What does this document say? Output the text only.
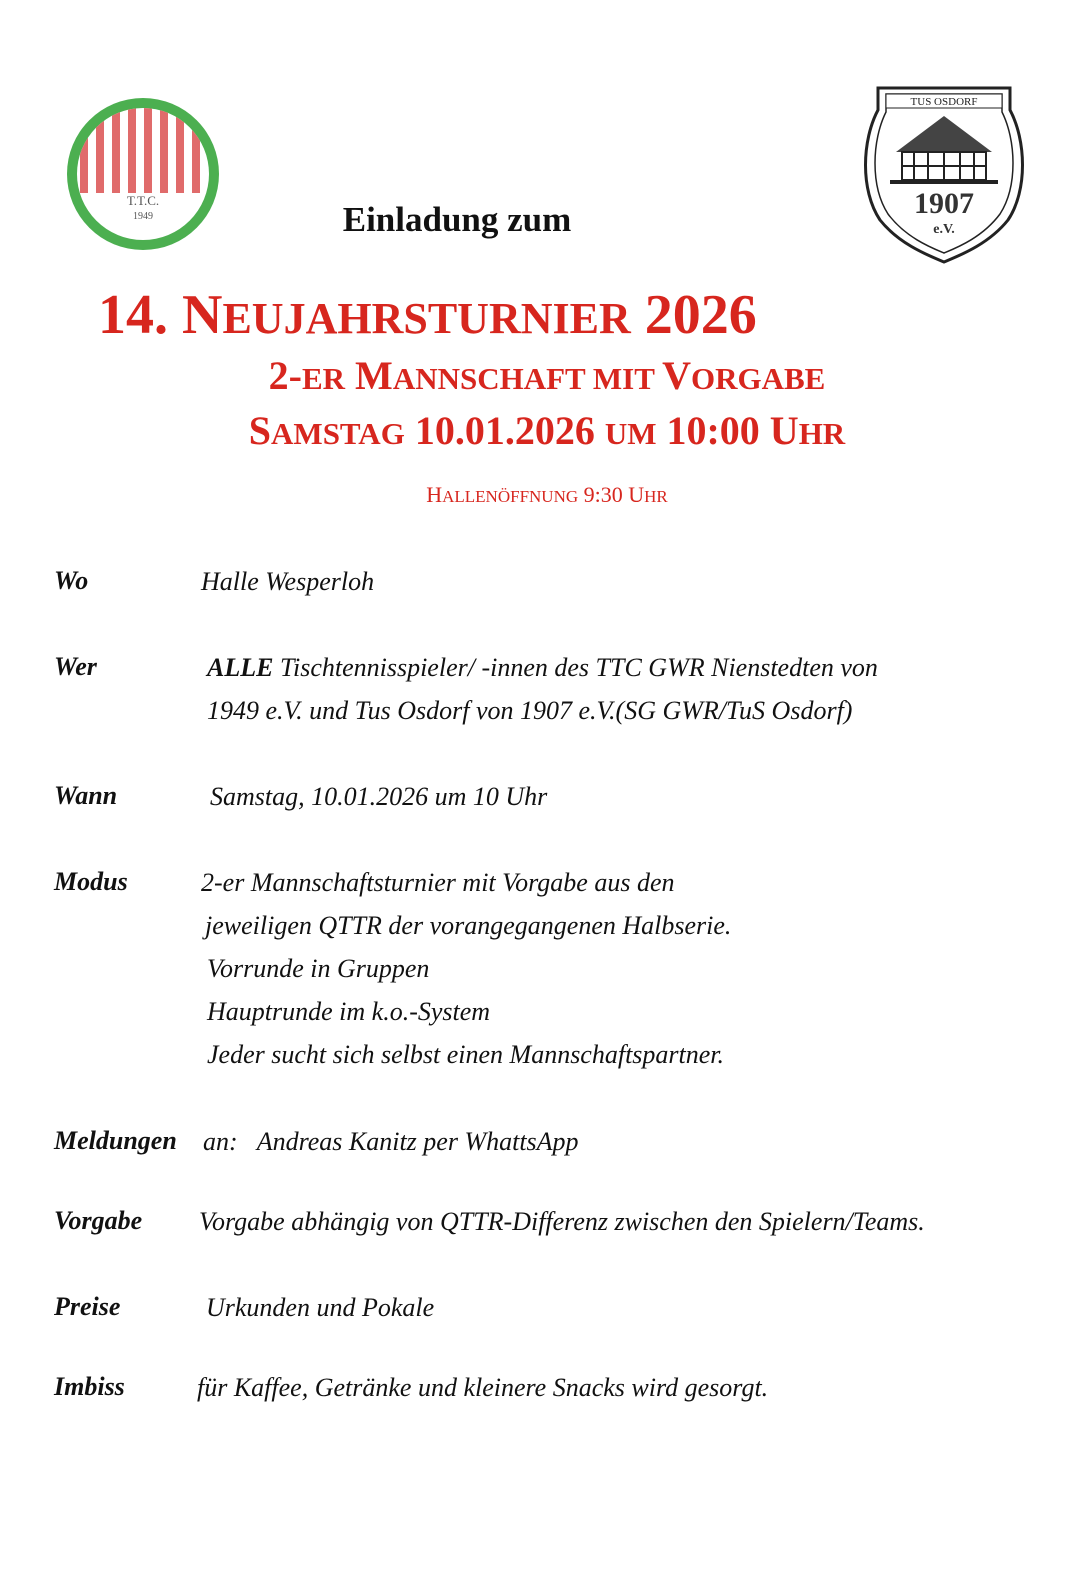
T.T.C.
1949
TUS OSDORF
1907
e.V.
Einladung zum
14. NEUJAHRSTURNIER 2026
2-ER MANNSCHAFT MIT VORGABE
SAMSTAG 10.01.2026 UM 10:00 UHR
HALLENÖFFNUNG 9:30 UHR
Wo	Halle Wesperloh
Wer	ALLE Tischtennisspieler/ -innen des TTC GWR Nienstedten von
1949 e.V. und Tus Osdorf von 1907 e.V.(SG GWR/TuS Osdorf)
Wann	Samstag, 10.01.2026 um 10 Uhr
Modus	2-er Mannschaftsturnier mit Vorgabe aus den
jeweiligen QTTR der vorangegangenen Halbserie.
Vorrunde in Gruppen
Hauptrunde im k.o.-System
Jeder sucht sich selbst einen Mannschaftspartner.
Meldungen an:   Andreas Kanitz per WhattsApp
Vorgabe Vorgabe abhängig von QTTR-Differenz zwischen den Spielern/Teams.
Preise	Urkunden und Pokale
Imbiss	für Kaffee, Getränke und kleinere Snacks wird gesorgt.
